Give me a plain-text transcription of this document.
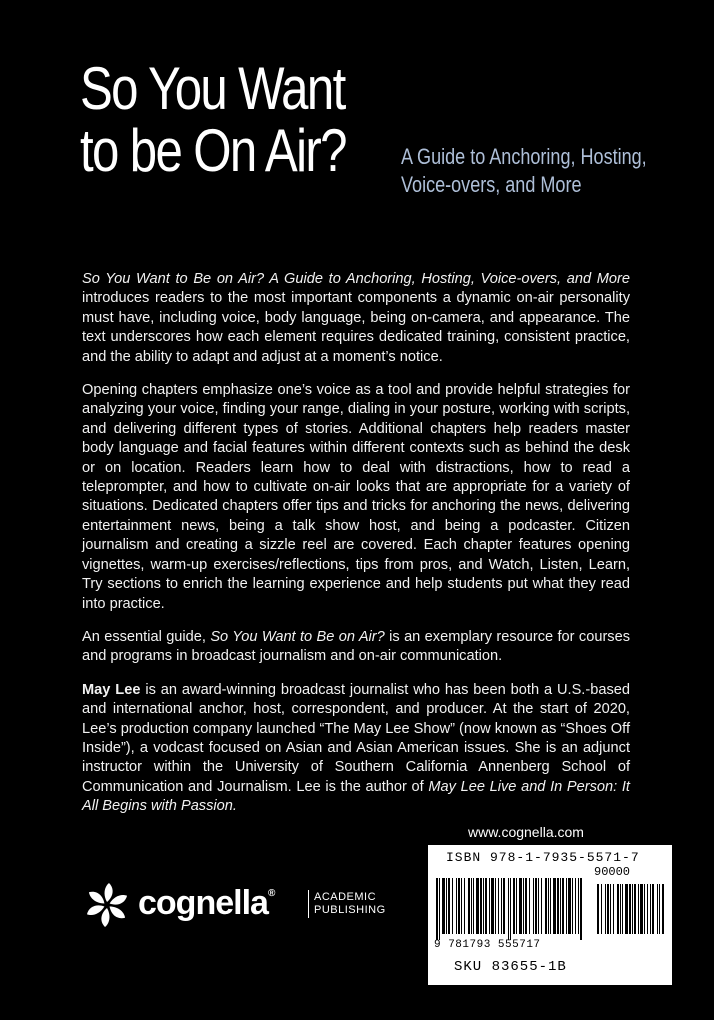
So You Want
to be On Air?	A Guide to Anchoring, Hosting,
Voice-overs, and More

So You Want to Be on Air? A Guide to Anchoring, Hosting, Voice-overs, and More introduces readers to the most important components a dynamic on-air personality must have, including voice, body language, being on-camera, and appearance. The text underscores how each element requires dedicated training, consistent practice, and the ability to adapt and adjust at a moment’s notice.

Opening chapters emphasize one’s voice as a tool and provide helpful strategies for analyzing your voice, finding your range, dialing in your posture, working with scripts, and delivering different types of stories. Additional chapters help readers master body language and facial features within different contexts such as behind the desk or on location. Readers learn how to deal with distractions, how to read a teleprompter, and how to cultivate on-air looks that are appropriate for a variety of situations. Dedicated chapters offer tips and tricks for anchoring the news, delivering entertainment news, being a talk show host, and being a podcaster. Citizen journalism and creating a sizzle reel are covered. Each chapter features opening vignettes, warm-up exercises/reflections, tips from pros, and Watch, Listen, Learn, Try sections to enrich the learning experience and help students put what they read into practice.

An essential guide, So You Want to Be on Air? is an exemplary resource for courses and programs in broadcast journalism and on-air communication.

May Lee is an award-winning broadcast journalist who has been both a U.S.-based and international anchor, host, correspondent, and producer. At the start of 2020, Lee’s production company launched “The May Lee Show” (now known as “Shoes Off Inside”), a vodcast focused on Asian and Asian American issues. She is an adjunct instructor within the University of Southern California Annenberg School of Communication and Journalism. Lee is the author of May Lee Live and In Person: It All Begins with Passion.

cognella®	ACADEMIC
PUBLISHING
www.cognella.com
ISBN 978-1-7935-5571-7
90000
9 781793 555717
SKU 83655-1B
